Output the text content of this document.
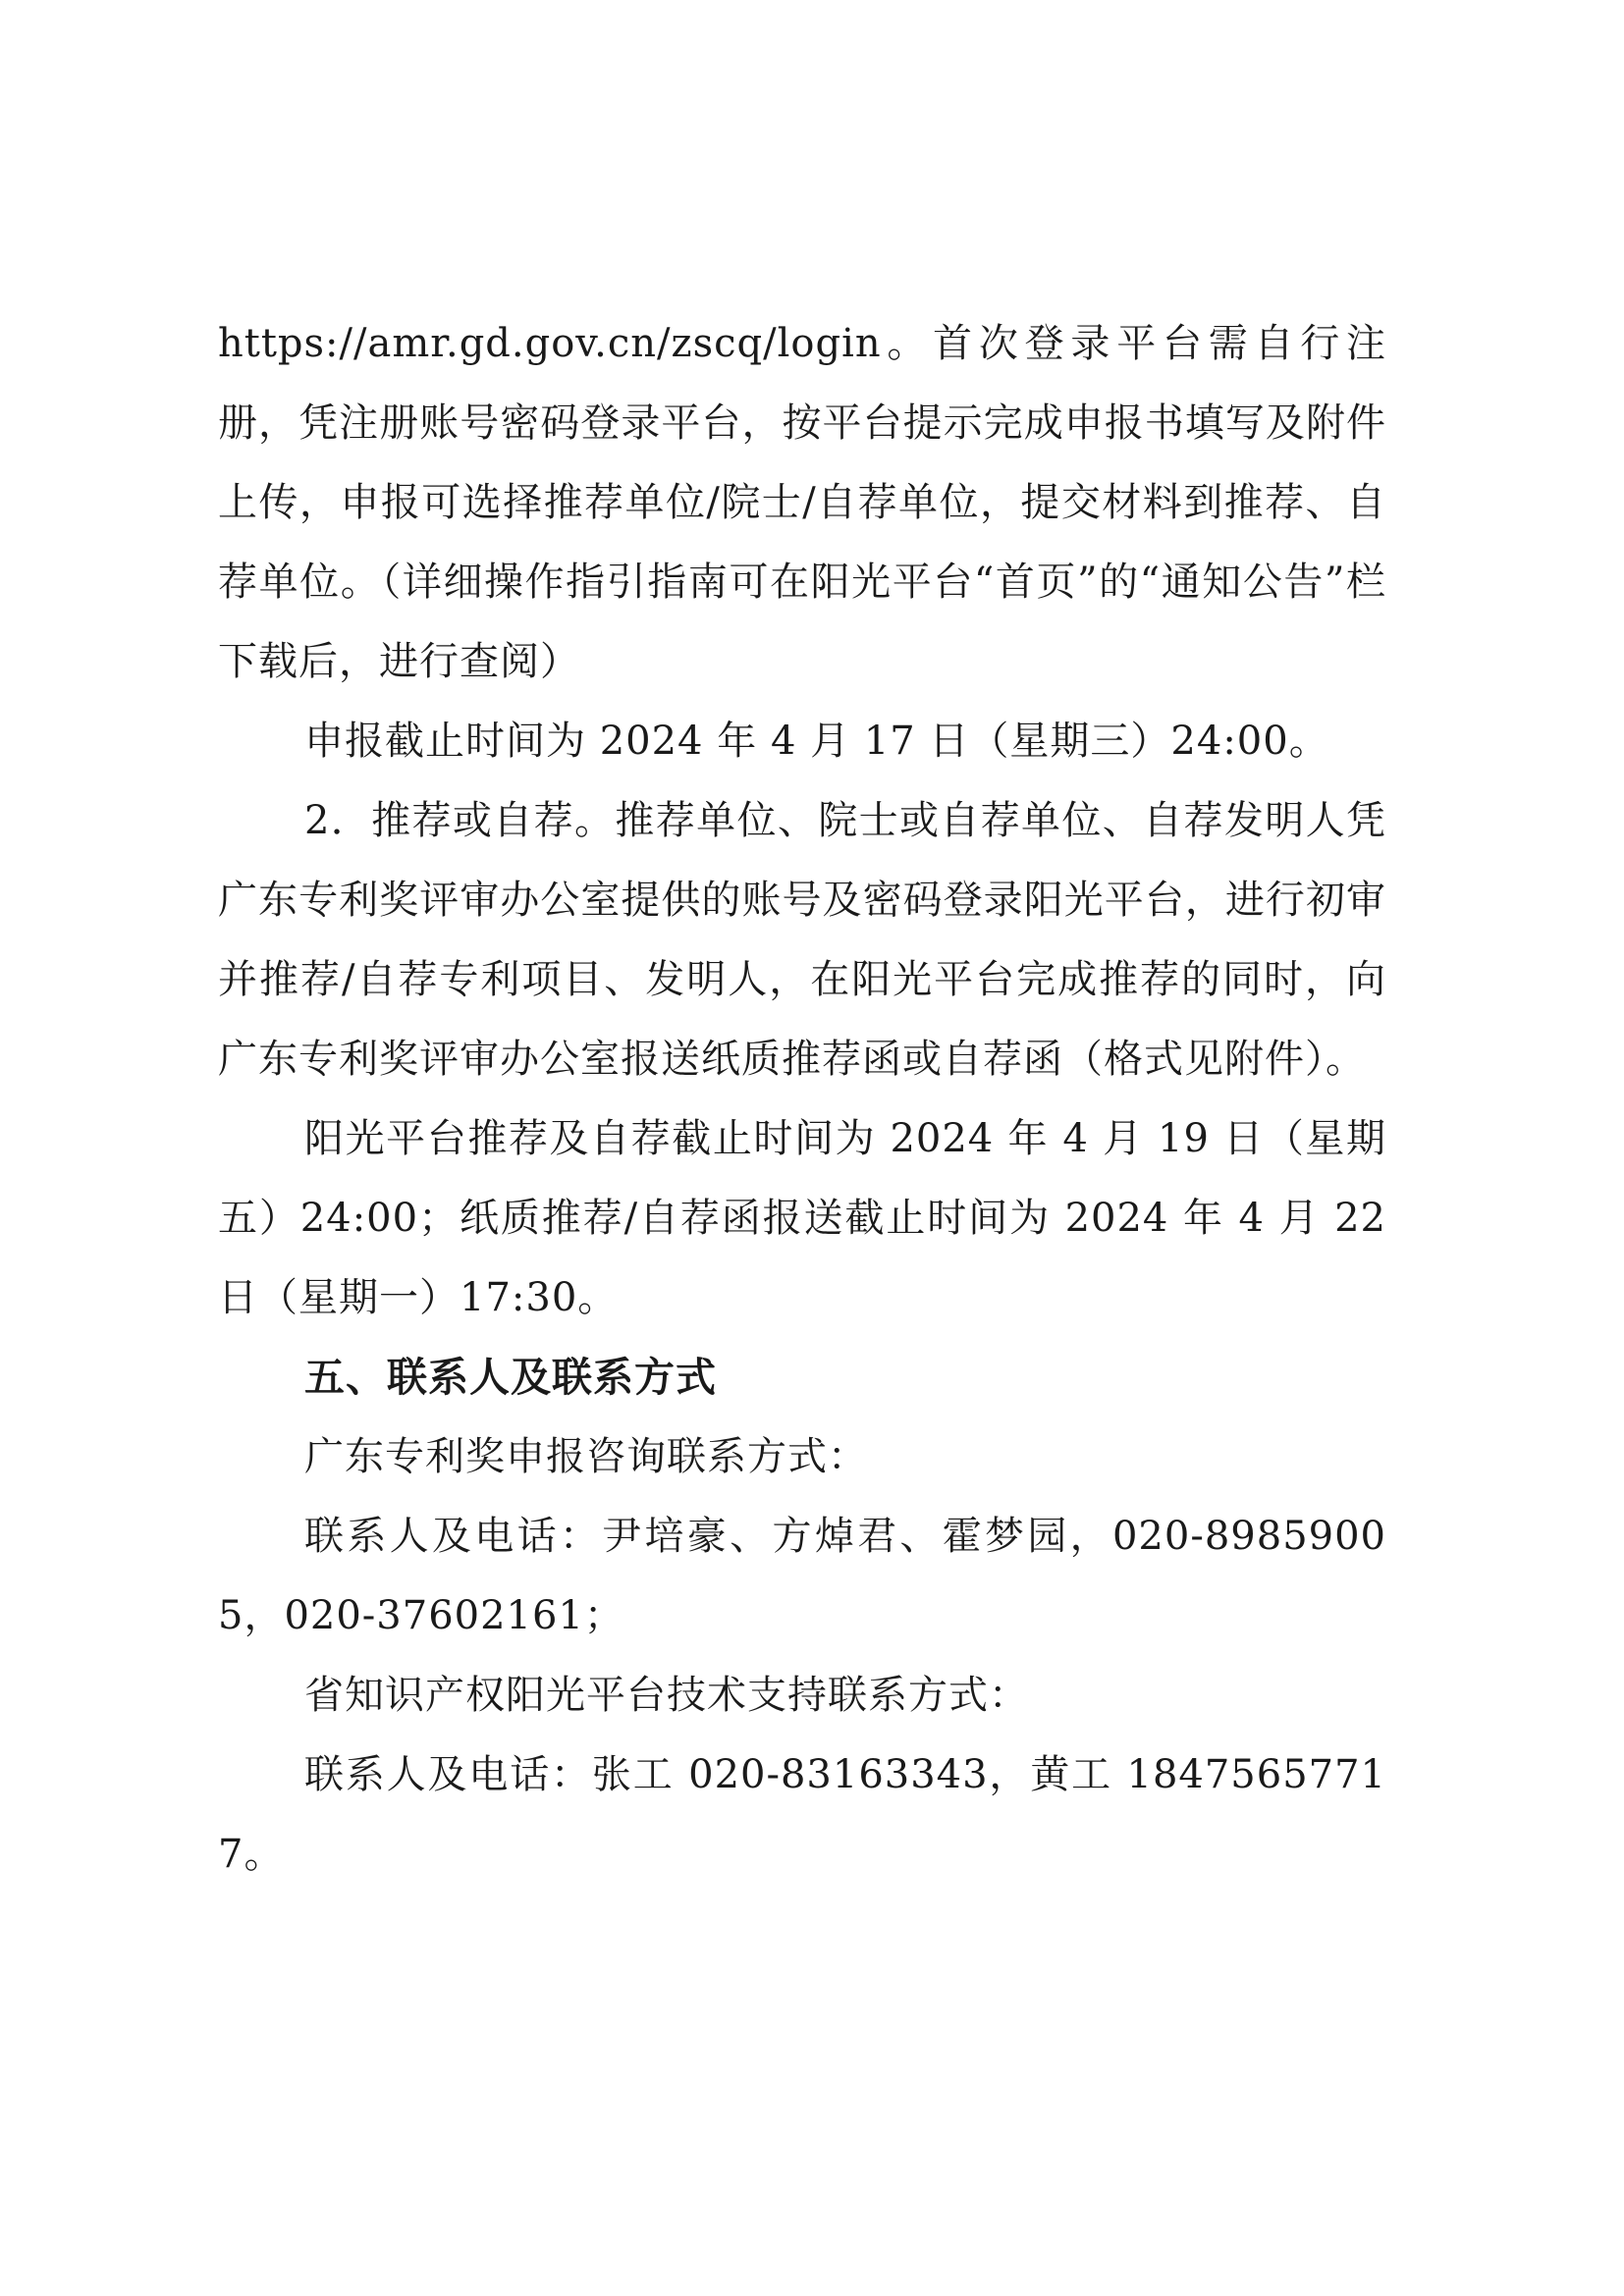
https://amr.gd.gov.cn/zscq/login。首次登录平台需自行注册，凭注册账号密码登录平台，按平台提示完成申报书填写及附件上传，申报可选择推荐单位/院士/自荐单位，提交材料到推荐、自荐单位。（详细操作指引指南可在阳光平台“首页”的“通知公告”栏下载后，进行查阅）

申报截止时间为 2024 年 4 月 17 日（星期三）24:00。

2．推荐或自荐。推荐单位、院士或自荐单位、自荐发明人凭广东专利奖评审办公室提供的账号及密码登录阳光平台，进行初审并推荐/自荐专利项目、发明人，在阳光平台完成推荐的同时，向广东专利奖评审办公室报送纸质推荐函或自荐函（格式见附件）。

阳光平台推荐及自荐截止时间为 2024 年 4 月 19 日（星期五）24:00；纸质推荐/自荐函报送截止时间为 2024 年 4 月 22 日（星期一）17:30。

五、联系人及联系方式

广东专利奖申报咨询联系方式：

联系人及电话：尹培豪、方焯君、霍梦园，020-89859005，020-37602161；

省知识产权阳光平台技术支持联系方式：

联系人及电话：张工 020-83163343，黄工 18475657717。
